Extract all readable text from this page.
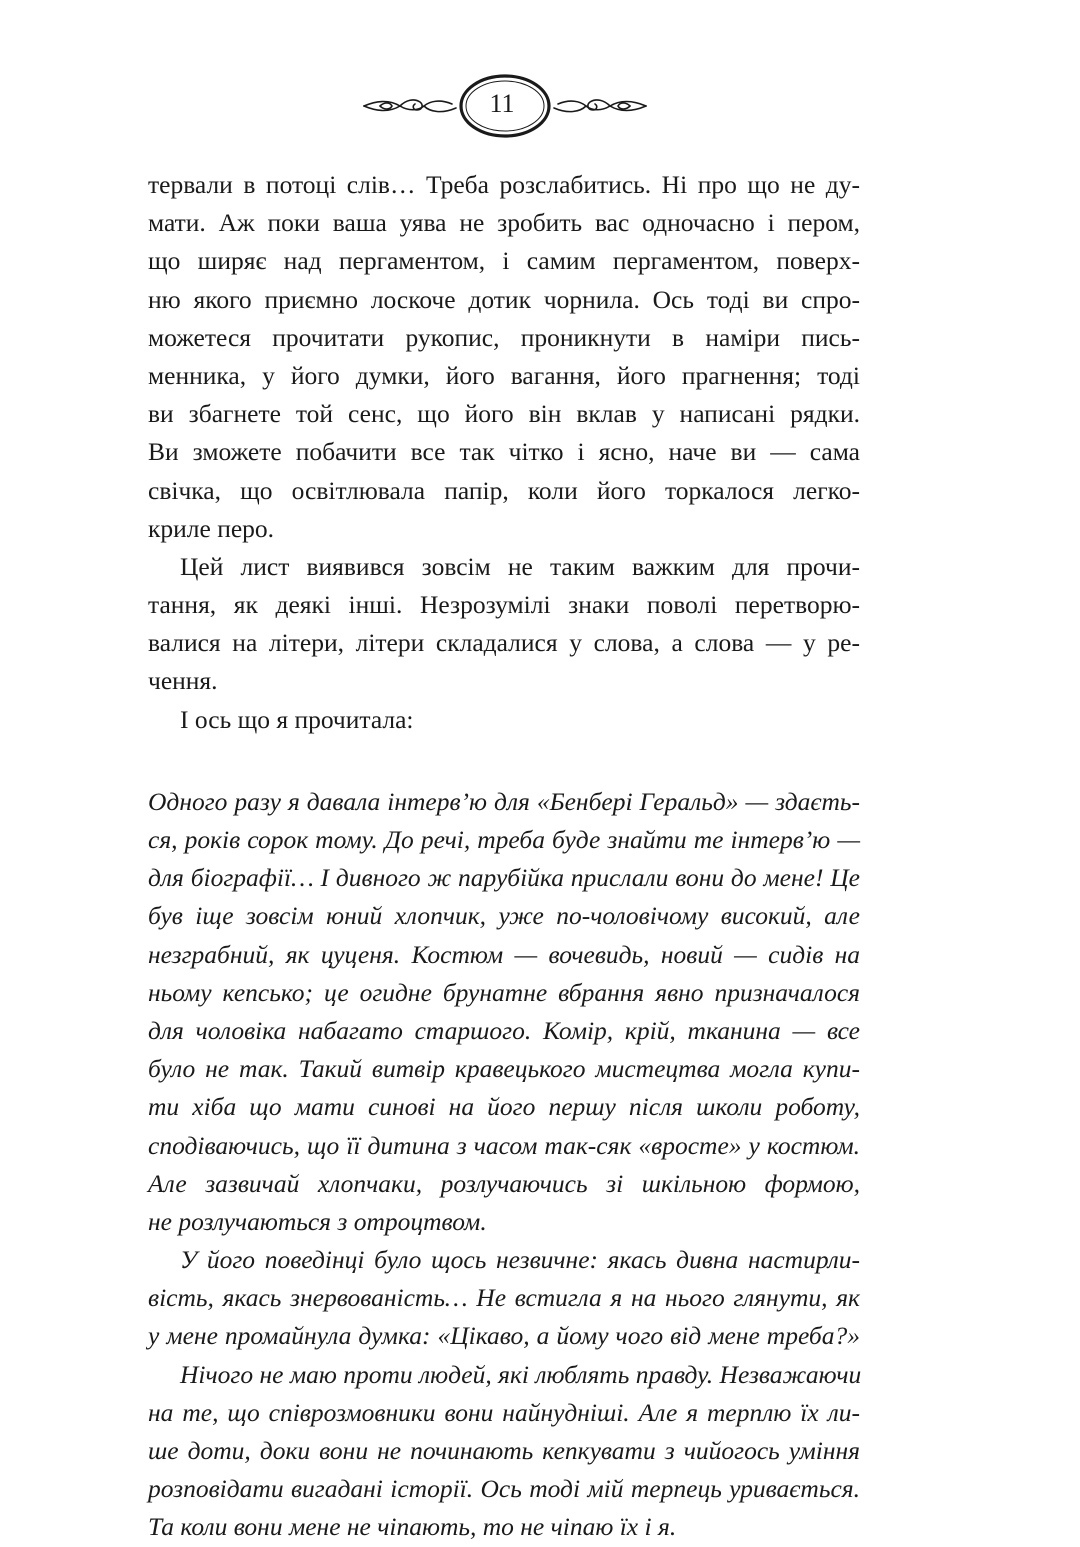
11
тервали в потоці слів… Треба розслабитись. Ні про що не ду-
мати. Аж поки ваша уява не зробить вас одночасно і пером,
що ширяє над пергаментом, і самим пергаментом, поверх-
ню якого приємно лоскоче дотик чорнила. Ось тоді ви спро-
можетеся прочитати рукопис, проникнути в наміри пись-
менника, у його думки, його вагання, його прагнення; тоді
ви збагнете той сенс, що його він вклав у написані рядки.
Ви зможете побачити все так чітко і ясно, наче ви — сама
свічка, що освітлювала папір, коли його торкалося легко-
криле перо.
Цей лист виявився зовсім не таким важким для прочи-
тання, як деякі інші. Незрозумілі знаки поволі перетворю-
валися на літери, літери складалися у слова, а слова — у ре-
чення.
І ось що я прочитала:
Одного разу я давала інтерв’ю для «Бенбері Геральд» — здаєть-
ся, років сорок тому. До речі, треба буде знайти те інтерв’ю —
для біографії… І дивного ж парубійка прислали вони до мене! Це
був іще зовсім юний хлопчик, уже по-чоловічому високий, але
незграбний, як цуценя. Костюм — вочевидь, новий — сидів на
ньому кепсько; це огидне брунатне вбрання явно призначалося
для чоловіка набагато старшого. Комір, крій, тканина — все
було не так. Такий витвір кравецького мистецтва могла купи-
ти хіба що мати синові на його першу після школи роботу,
сподіваючись, що її дитина з часом так-сяк «вросте» у костюм.
Але зазвичай хлопчаки, розлучаючись зі шкільною формою,
не розлучаються з отроцтвом.
У його поведінці було щось незвичне: якась дивна настирли-
вість, якась знервованість… Не встигла я на нього глянути, як
у мене промайнула думка: «Цікаво, а йому чого від мене треба?»
Нічого не маю проти людей, які люблять правду. Незважаючи
на те, що співрозмовники вони найнудніші. Але я терплю їх ли-
ше доти, доки вони не починають кепкувати з чийогось уміння
розповідати вигадані історії. Ось тоді мій терпець уривається.
Та коли вони мене не чіпають, то не чіпаю їх і я.
